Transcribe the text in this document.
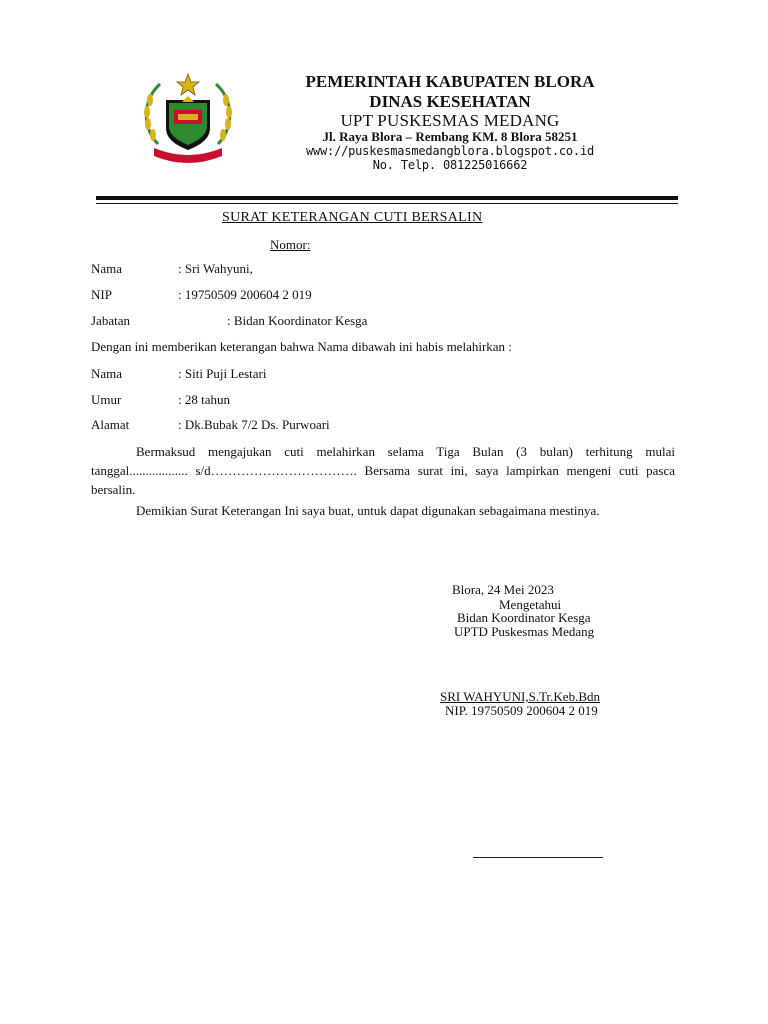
PEMERINTAH KABUPATEN BLORA
DINAS KESEHATAN
UPT PUSKESMAS MEDANG
Jl. Raya Blora – Rembang KM. 8 Blora 58251
www://puskesmasmedangblora.blogspot.co.id
No. Telp. 081225016662
SURAT KETERANGAN CUTI BERSALIN
Nomor:
Nama	: Sri Wahyuni,
NIP	: 19750509 200604 2 019
Jabatan	: Bidan Koordinator Kesga
Dengan ini memberikan keterangan bahwa Nama dibawah ini habis melahirkan :
Nama	: Siti Puji Lestari
Umur	: 28 tahun
Alamat	: Dk.Bubak 7/2 Ds. Purwoari
Bermaksud mengajukan cuti melahirkan selama Tiga Bulan (3 bulan) terhitung mulai tanggal.................. s/d……………………………. Bersama surat ini, saya lampirkan mengeni cuti pasca bersalin.
Demikian Surat Keterangan Ini saya buat, untuk dapat digunakan sebagaimana mestinya.
Blora, 24 Mei 2023
Mengetahui
Bidan Koordinator Kesga
UPTD Puskesmas Medang
SRI WAHYUNI,S.Tr.Keb.Bdn
NIP. 19750509 200604 2 019
